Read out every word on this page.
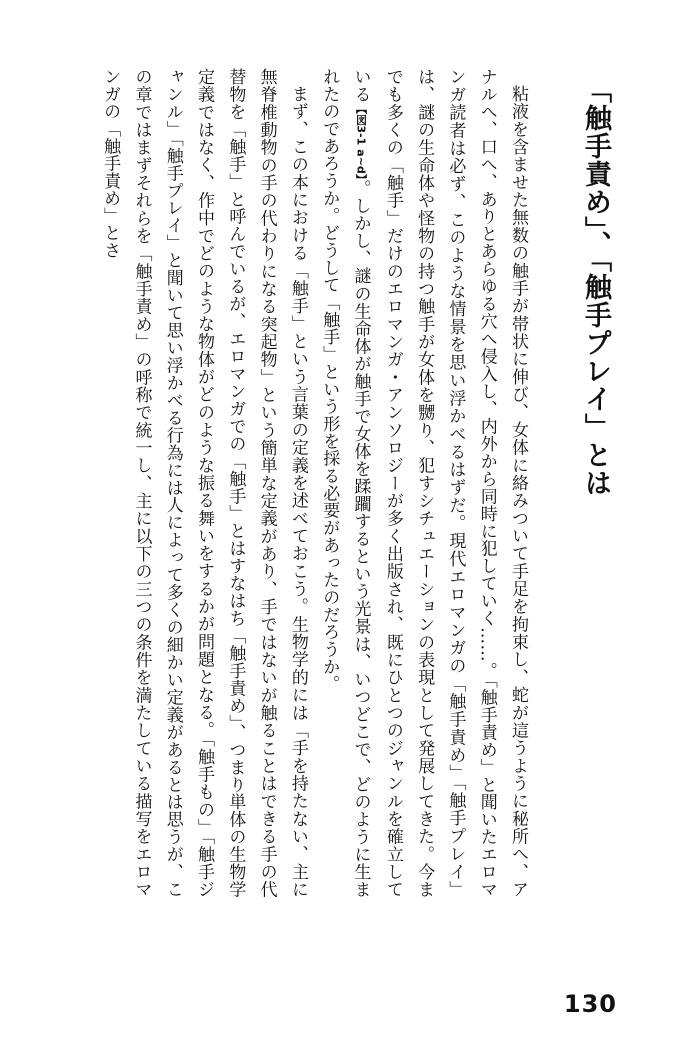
「触手責め」、「触手プレイ」とは

粘液を含ませた無数の触手が帯状に伸び、女体に絡みついて手足を拘束し、蛇が這うように秘所へ、アナルへ、口へ、ありとあらゆる穴へ侵入し、内外から同時に犯していく……。「触手責め」と聞いたエロマンガ読者は必ず、このような情景を思い浮かべるはずだ。現代エロマンガの「触手責め」「触手プレイ」は、謎の生命体や怪物の持つ触手が女体を嬲り、犯すシチュエーションの表現として発展してきた。今までも多くの「触手」だけのエロマンガ・アンソロジーが多く出版され、既にひとつのジャンルを確立している【図3-1 a~d】。しかし、謎の生命体が触手で女体を蹂躙するという光景は、いつどこで、どのように生まれたのであろうか。どうして「触手」という形を採る必要があったのだろうか。

まず、この本における「触手」という言葉の定義を述べておこう。生物学的には「手を持たない、主に無脊椎動物の手の代わりになる突起物」という簡単な定義があり、手ではないが触ることはできる手の代替物を「触手」と呼んでいるが、エロマンガでの「触手」とはすなはち「触手責め」、つまり単体の生物学定義ではなく、作中でどのような物体がどのような振る舞いをするかが問題となる。「触手もの」「触手ジャンル」「触手プレイ」と聞いて思い浮かべる行為には人によって多くの細かい定義があるとは思うが、この章ではまずそれらを「触手責め」の呼称で統一し、主に以下の三つの条件を満たしている描写をエロマンガの「触手責め」とさ

130
